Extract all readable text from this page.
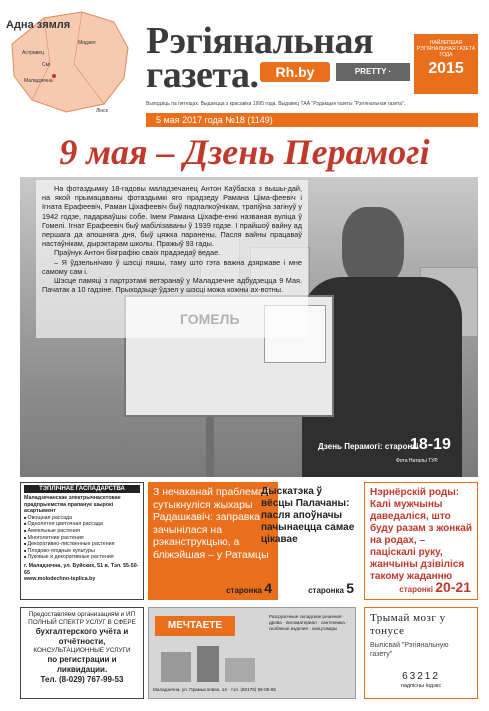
Адна зямля
Астравец
Мядзел
Смі
Маладзечна
Лінск
Рэгіянальная
газета.	Rh.by	PRETTY · ТЭЛЕБАЧАННЕ
НАЙЛЕПШАЯ РЭГІЯНАЛЬНАЯ ГАЗЕТА ГОДА
2015
Выходзіць па пятніцах. Выдаецца з красавіка 1995 года. Выдавец ТАА "Рэдакцыя газеты "Рэгіянальная газета".
5 мая 2017 года №18 (1149)
9 мая – Дзень Перамогі

На фотаздымку 18-гадовы маладзечанец Антон Каўбаска з вышы-дай, на якой прымацаваны фотаздымкі яго прадзеду Рамана Ціма-феевіч і Ігната Ерафеевіч, Раман Ціхафеевіч быў падпалкоўнікам, трапіўна загінуў у 1942 годзе, падарваўшы собе. Імем Рамана Ціхафе-енкі названая вуліца ў Гомелі. Ігнат Ерафеевіч быў мабілізаваны ў 1939 годзе. І прайшоў вайну ад першага да апошняга дня, быў цяжка паранены. Пасля вайны працаваў настаўнікам, дырэктарам школы. Пражыў 93 гады.

Праўнук Антон біяграфію сваіх прадзедаў ведае.

– Я ўдзельнічаю ў шэсці пяшы, таму што гэта важна дзяржаве і мне самому сам і.

Шэсце памяці з партрэтамі ветэранаў у Маладзечне адбудзецца 9 Мая. Пачатак а 10 гадзіне. Прыходзьце ўдзел у шэсці можа кожны ах-вотны.

Дзень Перамогі: старонкі
18-19
Фота Натальі ТУР.
ТЭПЛІЧНАЕ ГАСПАДАРСТВА
Маладзечанскае электрычнасетовае прадпрыемства прапануе шырокі асартымент
■ Овощная рассада
■ Однолетня цветочная рассада
■ Ампельные растения
■ Многолетние растения
■ Декоративно-лиственные растения
■ Плодово-ягодные культуры
■ Луковые и декоративные растения
г. Маладзечна, ул. Буйских, 51 в. Тэл. 55-50-65
www.molodechno-teplica.by
З нечаканай праблемай сутыкнуліся жыхары Радашкавіч: заправка зачынілася на рэканструкцыю, а бліжэйшая – у Ратамцы
старонка 4
Дыскатэка ў вёсцы Палачаны: пасля апоўначы пачынаецца самае цікавае
старонка 5
Нэрнёрскій роды: Калі мужчыны даведаліся, што буду разам з жонкай на родах, – паціскалі руку, жанчыны дзівіліся такому жаданню
старонкі 20-21
Предоставляем организациям и ИП
ПОЛНЫЙ СПЕКТР УСЛУГ В СФЕРЕ
бухгалтерского учёта и отчётности,
КОНСУЛЬТАЦИОННЫЕ УСЛУГИ
по регистрации и ликвидации.
Тел. (8-029) 767-99-53
МЕЧТАЕТЕ
Разгрузочные складские решения · дрова · пиломатериал · сантехника · скобяные изделия · канцтовары
Маладзечна, ул. Прамысловая, 14 · тэл. (80176) 56-05-85
Трымай мозг у тонусе
Выпісвай "Рэгіянальную газету"
63212
падпісны індэкс
